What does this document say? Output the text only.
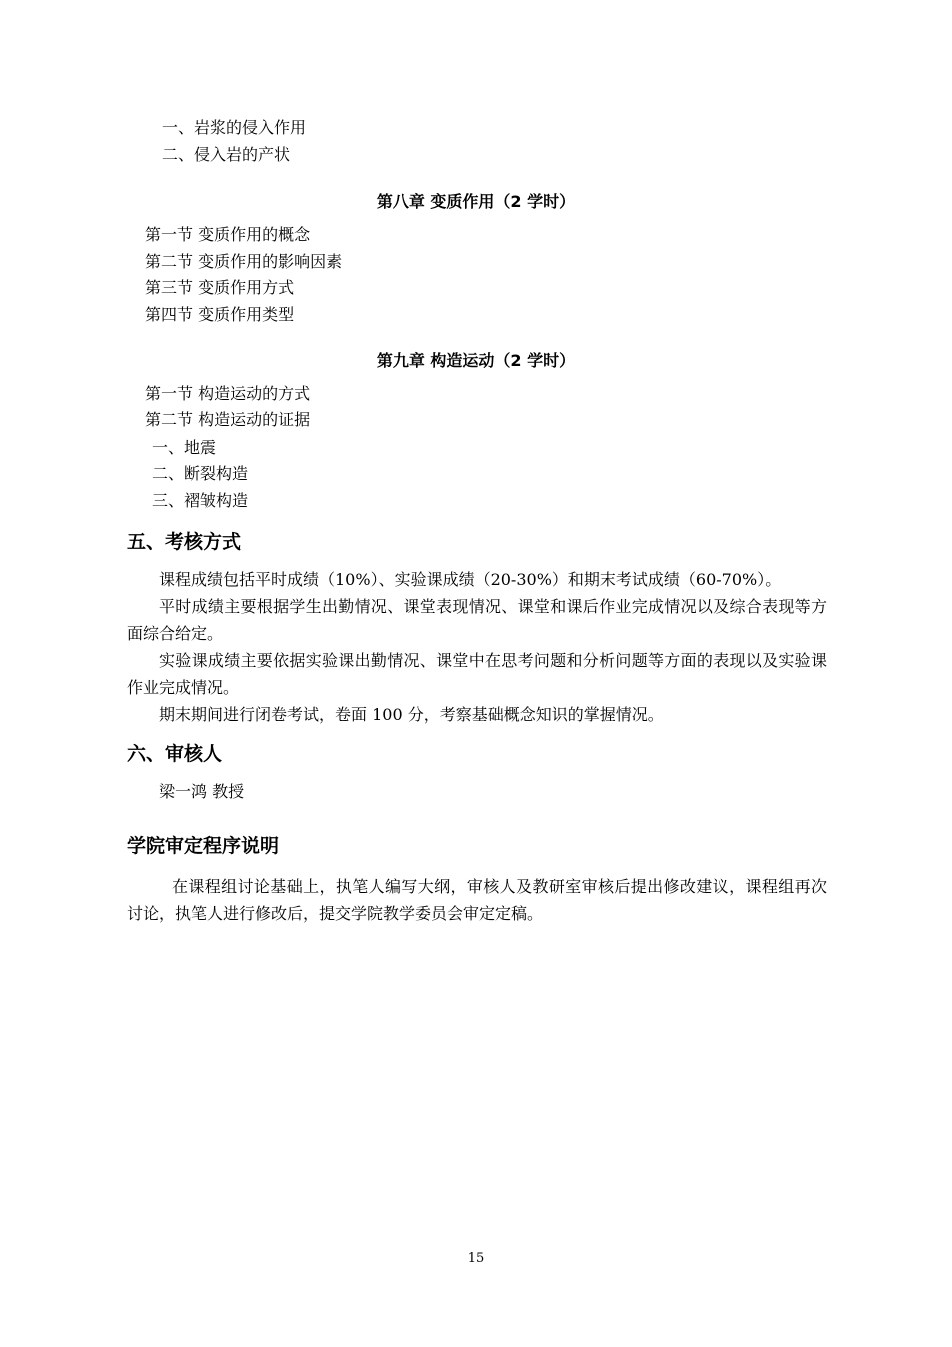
一、岩浆的侵入作用
二、侵入岩的产状
第八章 变质作用（2 学时）
第一节 变质作用的概念
第二节 变质作用的影响因素
第三节 变质作用方式
第四节 变质作用类型
第九章 构造运动（2 学时）
第一节 构造运动的方式
第二节 构造运动的证据
一、地震
二、断裂构造
三、褶皱构造
五、考核方式
课程成绩包括平时成绩（10%）、实验课成绩（20-30%）和期末考试成绩（60-70%）。
平时成绩主要根据学生出勤情况、课堂表现情况、课堂和课后作业完成情况以及综合表现等方面综合给定。
实验课成绩主要依据实验课出勤情况、课堂中在思考问题和分析问题等方面的表现以及实验课作业完成情况。
期末期间进行闭卷考试，卷面 100 分，考察基础概念知识的掌握情况。
六、审核人
梁一鸿 教授
学院审定程序说明
在课程组讨论基础上，执笔人编写大纲，审核人及教研室审核后提出修改建议，课程组再次讨论，执笔人进行修改后，提交学院教学委员会审定定稿。
15
